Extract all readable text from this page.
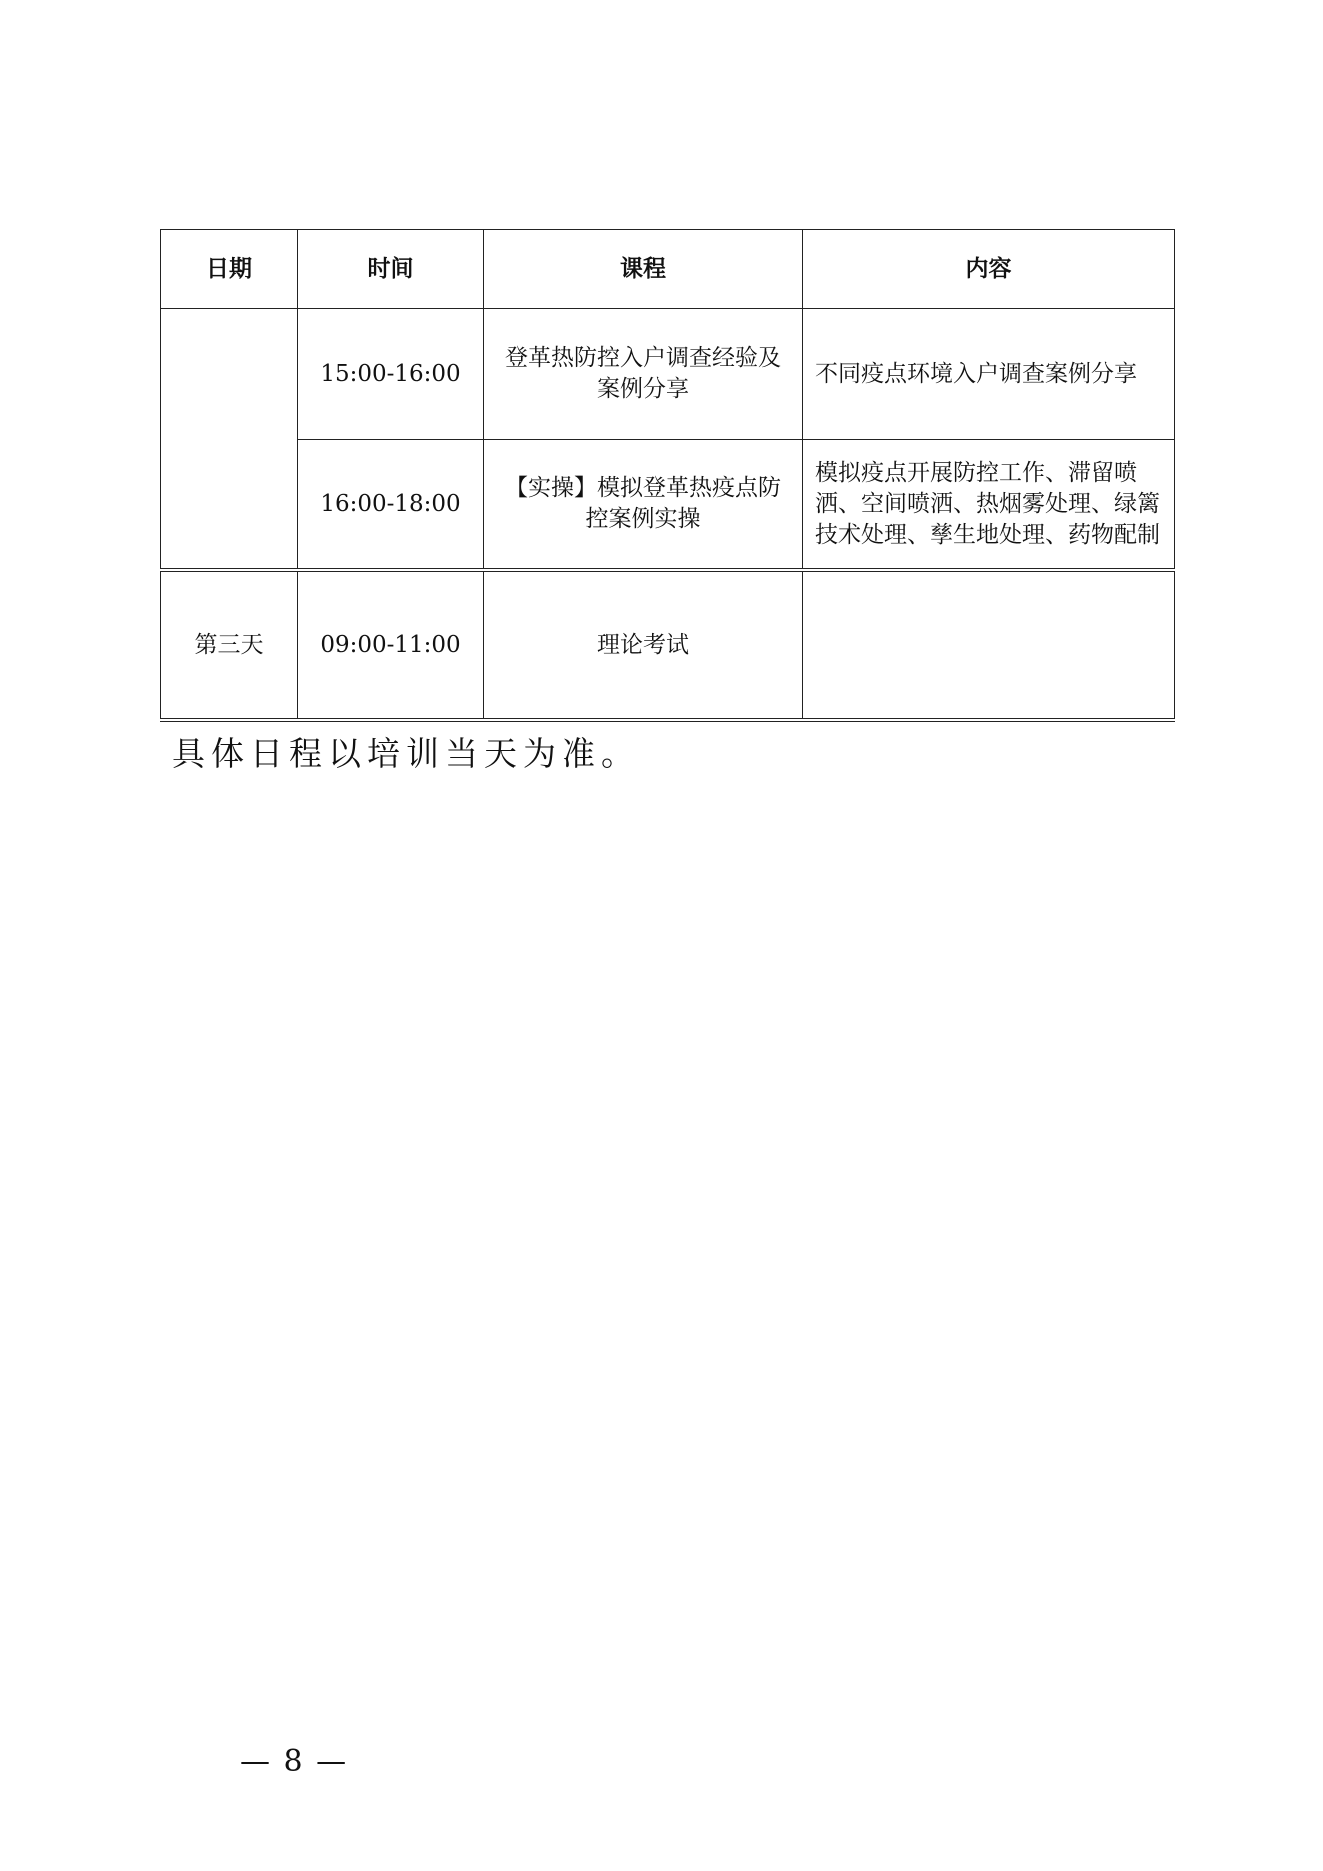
日期	时间	课程	内容
	15:00-16:00	登革热防控入户调查经验及案例分享	不同疫点环境入户调查案例分享
	16:00-18:00	【实操】模拟登革热疫点防控案例实操	模拟疫点开展防控工作、滞留喷洒、空间喷洒、热烟雾处理、绿篱技术处理、孳生地处理、药物配制
第三天	09:00-11:00	理论考试	
具体日程以培训当天为准。
— 8 —
